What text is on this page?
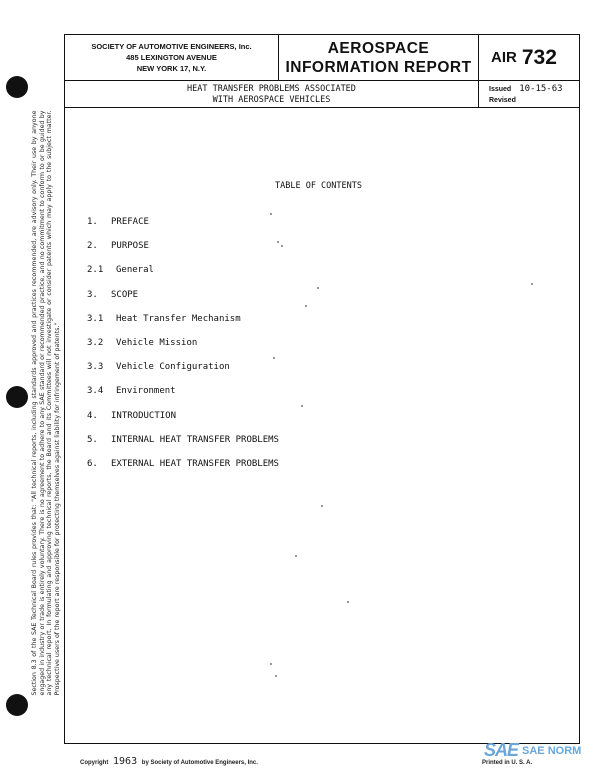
Section 8.3 of the SAE Technical Board rules provides that: "All technical reports, including standards approved and practices recommended, are advisory only. Their use by anyone engaged in industry or trade is entirely voluntary. There is no agreement to adhere to any SAE standard or recommended practice, and no commitment to conform to or be guided by any technical report. In formulating and approving technical reports, the Board and its Committees will not investigate or consider patents which may apply to the subject matter. Prospective users of the report are responsible for protecting themselves against liability for infringement of patents."
SOCIETY OF AUTOMOTIVE ENGINEERS, Inc.
485 LEXINGTON AVENUE
NEW YORK 17, N.Y.
AEROSPACE
INFORMATION REPORT
AIR 732
HEAT TRANSFER PROBLEMS ASSOCIATED
WITH AEROSPACE VEHICLES
Issued 10-15-63
Revised
TABLE OF CONTENTS
1. PREFACE
2. PURPOSE
2.1 General
3. SCOPE
3.1 Heat Transfer Mechanism
3.2 Vehicle Mission
3.3 Vehicle Configuration
3.4 Environment
4. INTRODUCTION
5. INTERNAL HEAT TRANSFER PROBLEMS
6. EXTERNAL HEAT TRANSFER PROBLEMS
Copyright 1963 by Society of Automotive Engineers, Inc.	Printed in U. S. A.
SAE SAE NORM
